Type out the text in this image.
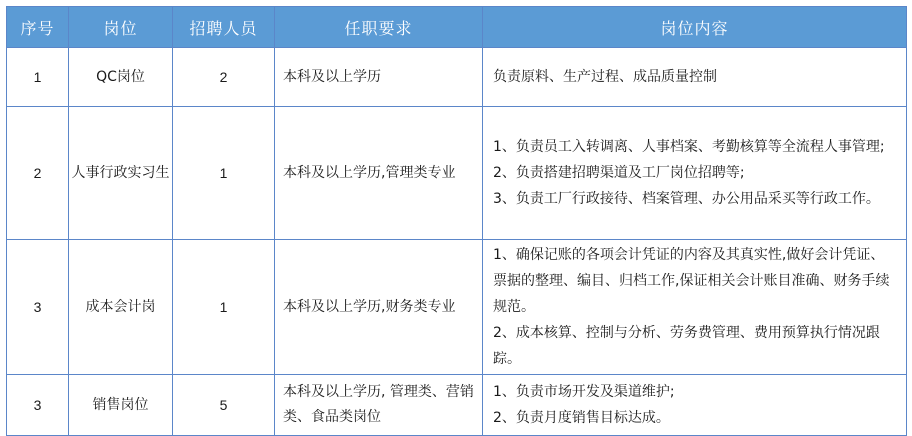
序号	岗位	招聘人员	任职要求	岗位内容
1	QC岗位	2	本科及以上学历	负责原料、生产过程、成品质量控制

2	人事行政实习生	1	本科及以上学历,管理类专业	1、负责员工入转调离、人事档案、考勤核算等全流程人事管理;
2、负责搭建招聘渠道及工厂岗位招聘等;
3、负责工厂行政接待、档案管理、办公用品采买等行政工作。

3	成本会计岗	1	本科及以上学历,财务类专业	1、确保记账的各项会计凭证的内容及其真实性,做好会计凭证、票据的整理、编目、归档工作,保证相关会计账目准确、财务手续规范。
2、成本核算、控制与分析、劳务费管理、费用预算执行情况跟踪。

3	销售岗位	5	本科及以上学历, 管理类、营销类、食品类岗位	1、负责市场开发及渠道维护;
2、负责月度销售目标达成。
